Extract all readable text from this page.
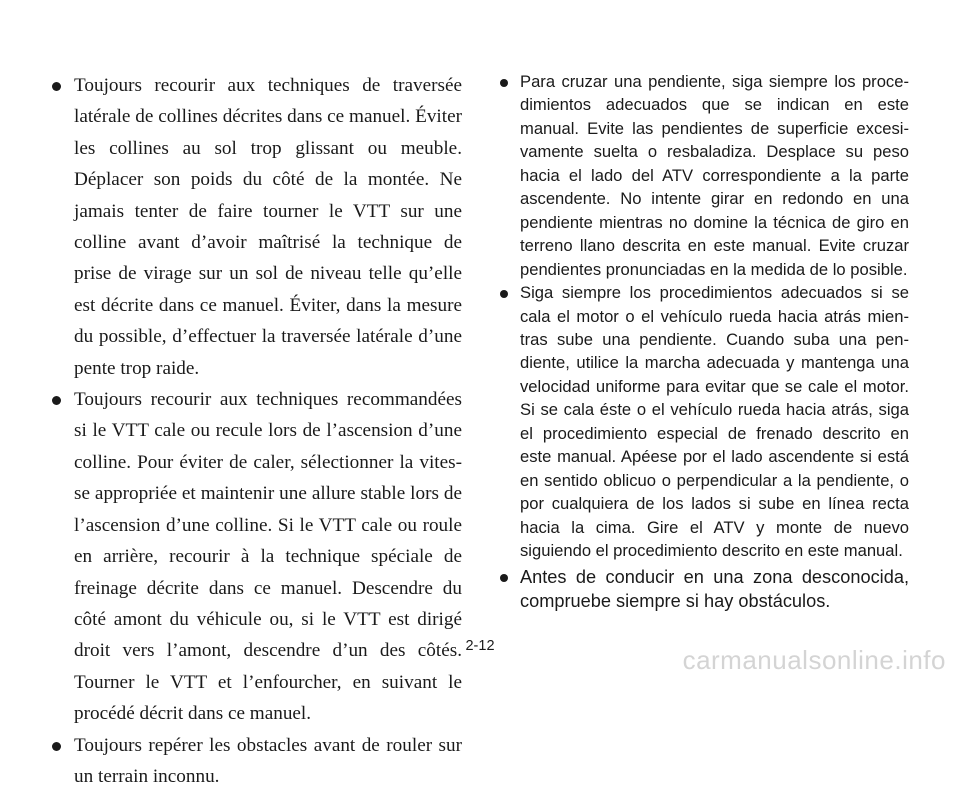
Toujours recourir aux techniques de traversée latérale de collines décrites dans ce manuel. Éviter les collines au sol trop glissant ou meuble. Déplacer son poids du côté de la montée. Ne jamais tenter de faire tourner le VTT sur une colline avant d’avoir maîtrisé la technique de prise de virage sur un sol de niveau telle qu’elle est décrite dans ce manuel. Éviter, dans la mesure du possible, d’effectuer la traversée latérale d’une pente trop raide.

Toujours recourir aux techniques recommandées si le VTT cale ou recule lors de l’ascension d’une colline. Pour éviter de caler, sélectionner la vitesse appropriée et maintenir une allure stable lors de l’ascension d’une colline. Si le VTT cale ou roule en arrière, recourir à la technique spéciale de freinage décrite dans ce manuel. Descendre du côté amont du véhicule ou, si le VTT est dirigé droit vers l’amont, descendre d’un des côtés. Tourner le VTT et l’enfourcher, en suivant le procédé décrit dans ce manuel.

Toujours repérer les obstacles avant de rouler sur un terrain inconnu.

Para cruzar una pendiente, siga siempre los procedimientos adecuados que se indican en este manual. Evite las pendientes de superficie excesivamente suelta o resbaladiza. Desplace su peso hacia el lado del ATV correspondiente a la parte ascendente. No intente girar en redondo en una pendiente mientras no domine la técnica de giro en terreno llano descrita en este manual. Evite cruzar pendientes pronunciadas en la medida de lo posible.

Siga siempre los procedimientos adecuados si se cala el motor o el vehículo rueda hacia atrás mientras sube una pendiente. Cuando suba una pendiente, utilice la marcha adecuada y mantenga una velocidad uniforme para evitar que se cale el motor. Si se cala éste o el vehículo rueda hacia atrás, siga el procedimiento especial de frenado descrito en este manual. Apéese por el lado ascendente si está en sentido oblicuo o perpendicular a la pendiente, o por cualquiera de los lados si sube en línea recta hacia la cima. Gire el ATV y monte de nuevo siguiendo el procedimiento descrito en este manual.

Antes de conducir en una zona desconocida, compruebe siempre si hay obstáculos.

2-12	carmanualsonline.info
